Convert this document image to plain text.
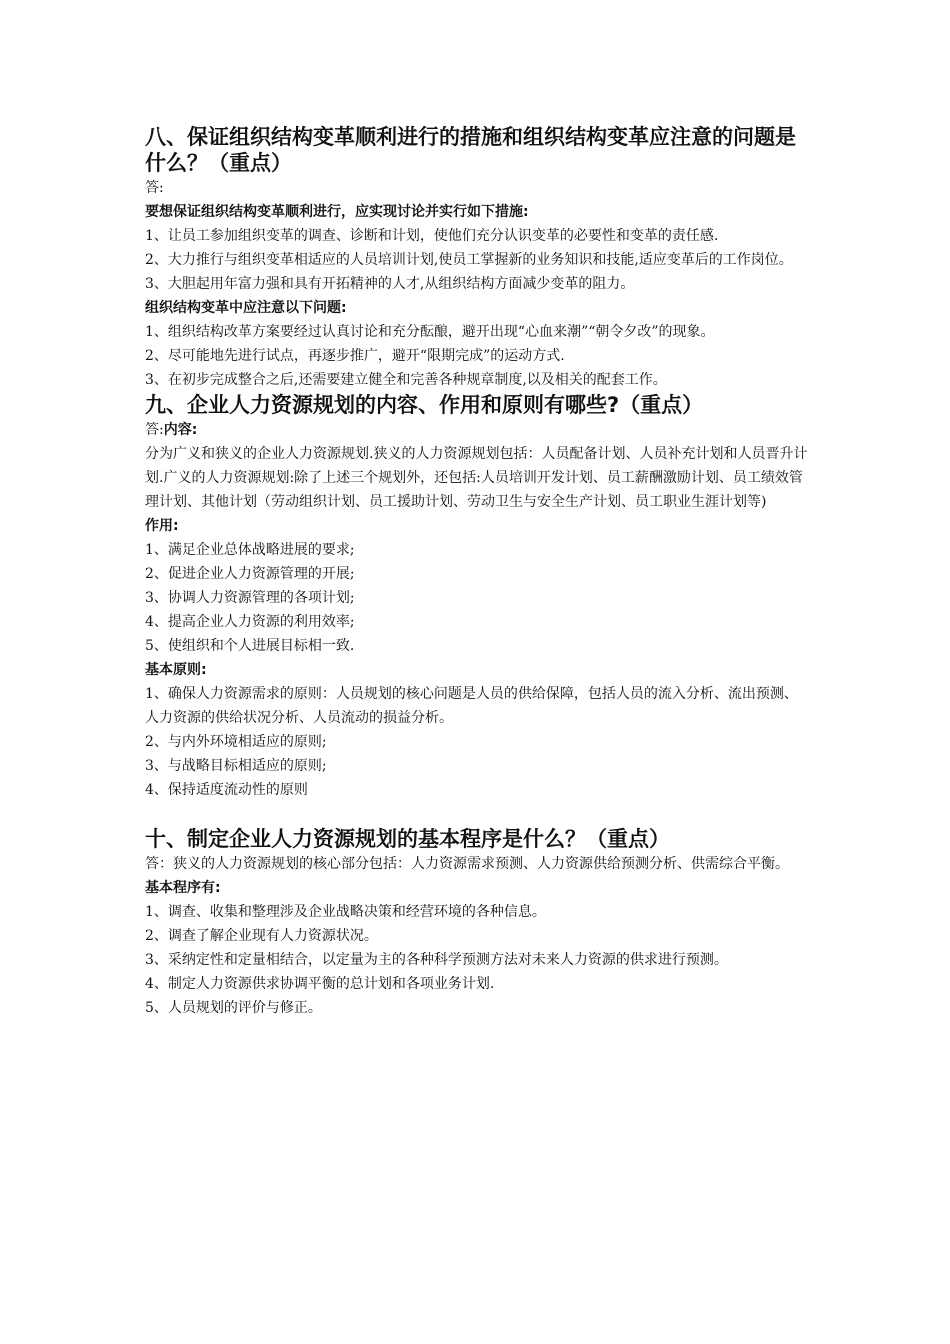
八、保证组织结构变革顺利进行的措施和组织结构变革应注意的问题是什么？（重点）

答:

要想保证组织结构变革顺利进行，应实现讨论并实行如下措施:

1、让员工参加组织变革的调查、诊断和计划，使他们充分认识变革的必要性和变革的责任感.

2、大力推行与组织变革相适应的人员培训计划,使员工掌握新的业务知识和技能,适应变革后的工作岗位。

3、大胆起用年富力强和具有开拓精神的人才,从组织结构方面减少变革的阻力。

组织结构变革中应注意以下问题:

1、组织结构改革方案要经过认真讨论和充分酝酿，避开出现“心血来潮”“朝令夕改”的现象。

2、尽可能地先进行试点，再逐步推广，避开“限期完成”的运动方式.

3、在初步完成整合之后,还需要建立健全和完善各种规章制度,以及相关的配套工作。

九、企业人力资源规划的内容、作用和原则有哪些?（重点）

答:内容:

分为广义和狭义的企业人力资源规划.狭义的人力资源规划包括：人员配备计划、人员补充计划和人员晋升计划.广义的人力资源规划:除了上述三个规划外，还包括:人员培训开发计划、员工薪酬激励计划、员工绩效管理计划、其他计划（劳动组织计划、员工援助计划、劳动卫生与安全生产计划、员工职业生涯计划等)

作用:

1、满足企业总体战略进展的要求;

2、促进企业人力资源管理的开展;

3、协调人力资源管理的各项计划;

4、提高企业人力资源的利用效率;

5、使组织和个人进展目标相一致.

基本原则:

1、确保人力资源需求的原则：人员规划的核心问题是人员的供给保障，包括人员的流入分析、流出预测、人力资源的供给状况分析、人员流动的损益分析。

2、与内外环境相适应的原则;

3、与战略目标相适应的原则;

4、保持适度流动性的原则

十、制定企业人力资源规划的基本程序是什么？（重点）

答：狭义的人力资源规划的核心部分包括：人力资源需求预测、人力资源供给预测分析、供需综合平衡。

基本程序有:

1、调查、收集和整理涉及企业战略决策和经营环境的各种信息。

2、调查了解企业现有人力资源状况。

3、采纳定性和定量相结合，以定量为主的各种科学预测方法对未来人力资源的供求进行预测。

4、制定人力资源供求协调平衡的总计划和各项业务计划.

5、人员规划的评价与修正。
